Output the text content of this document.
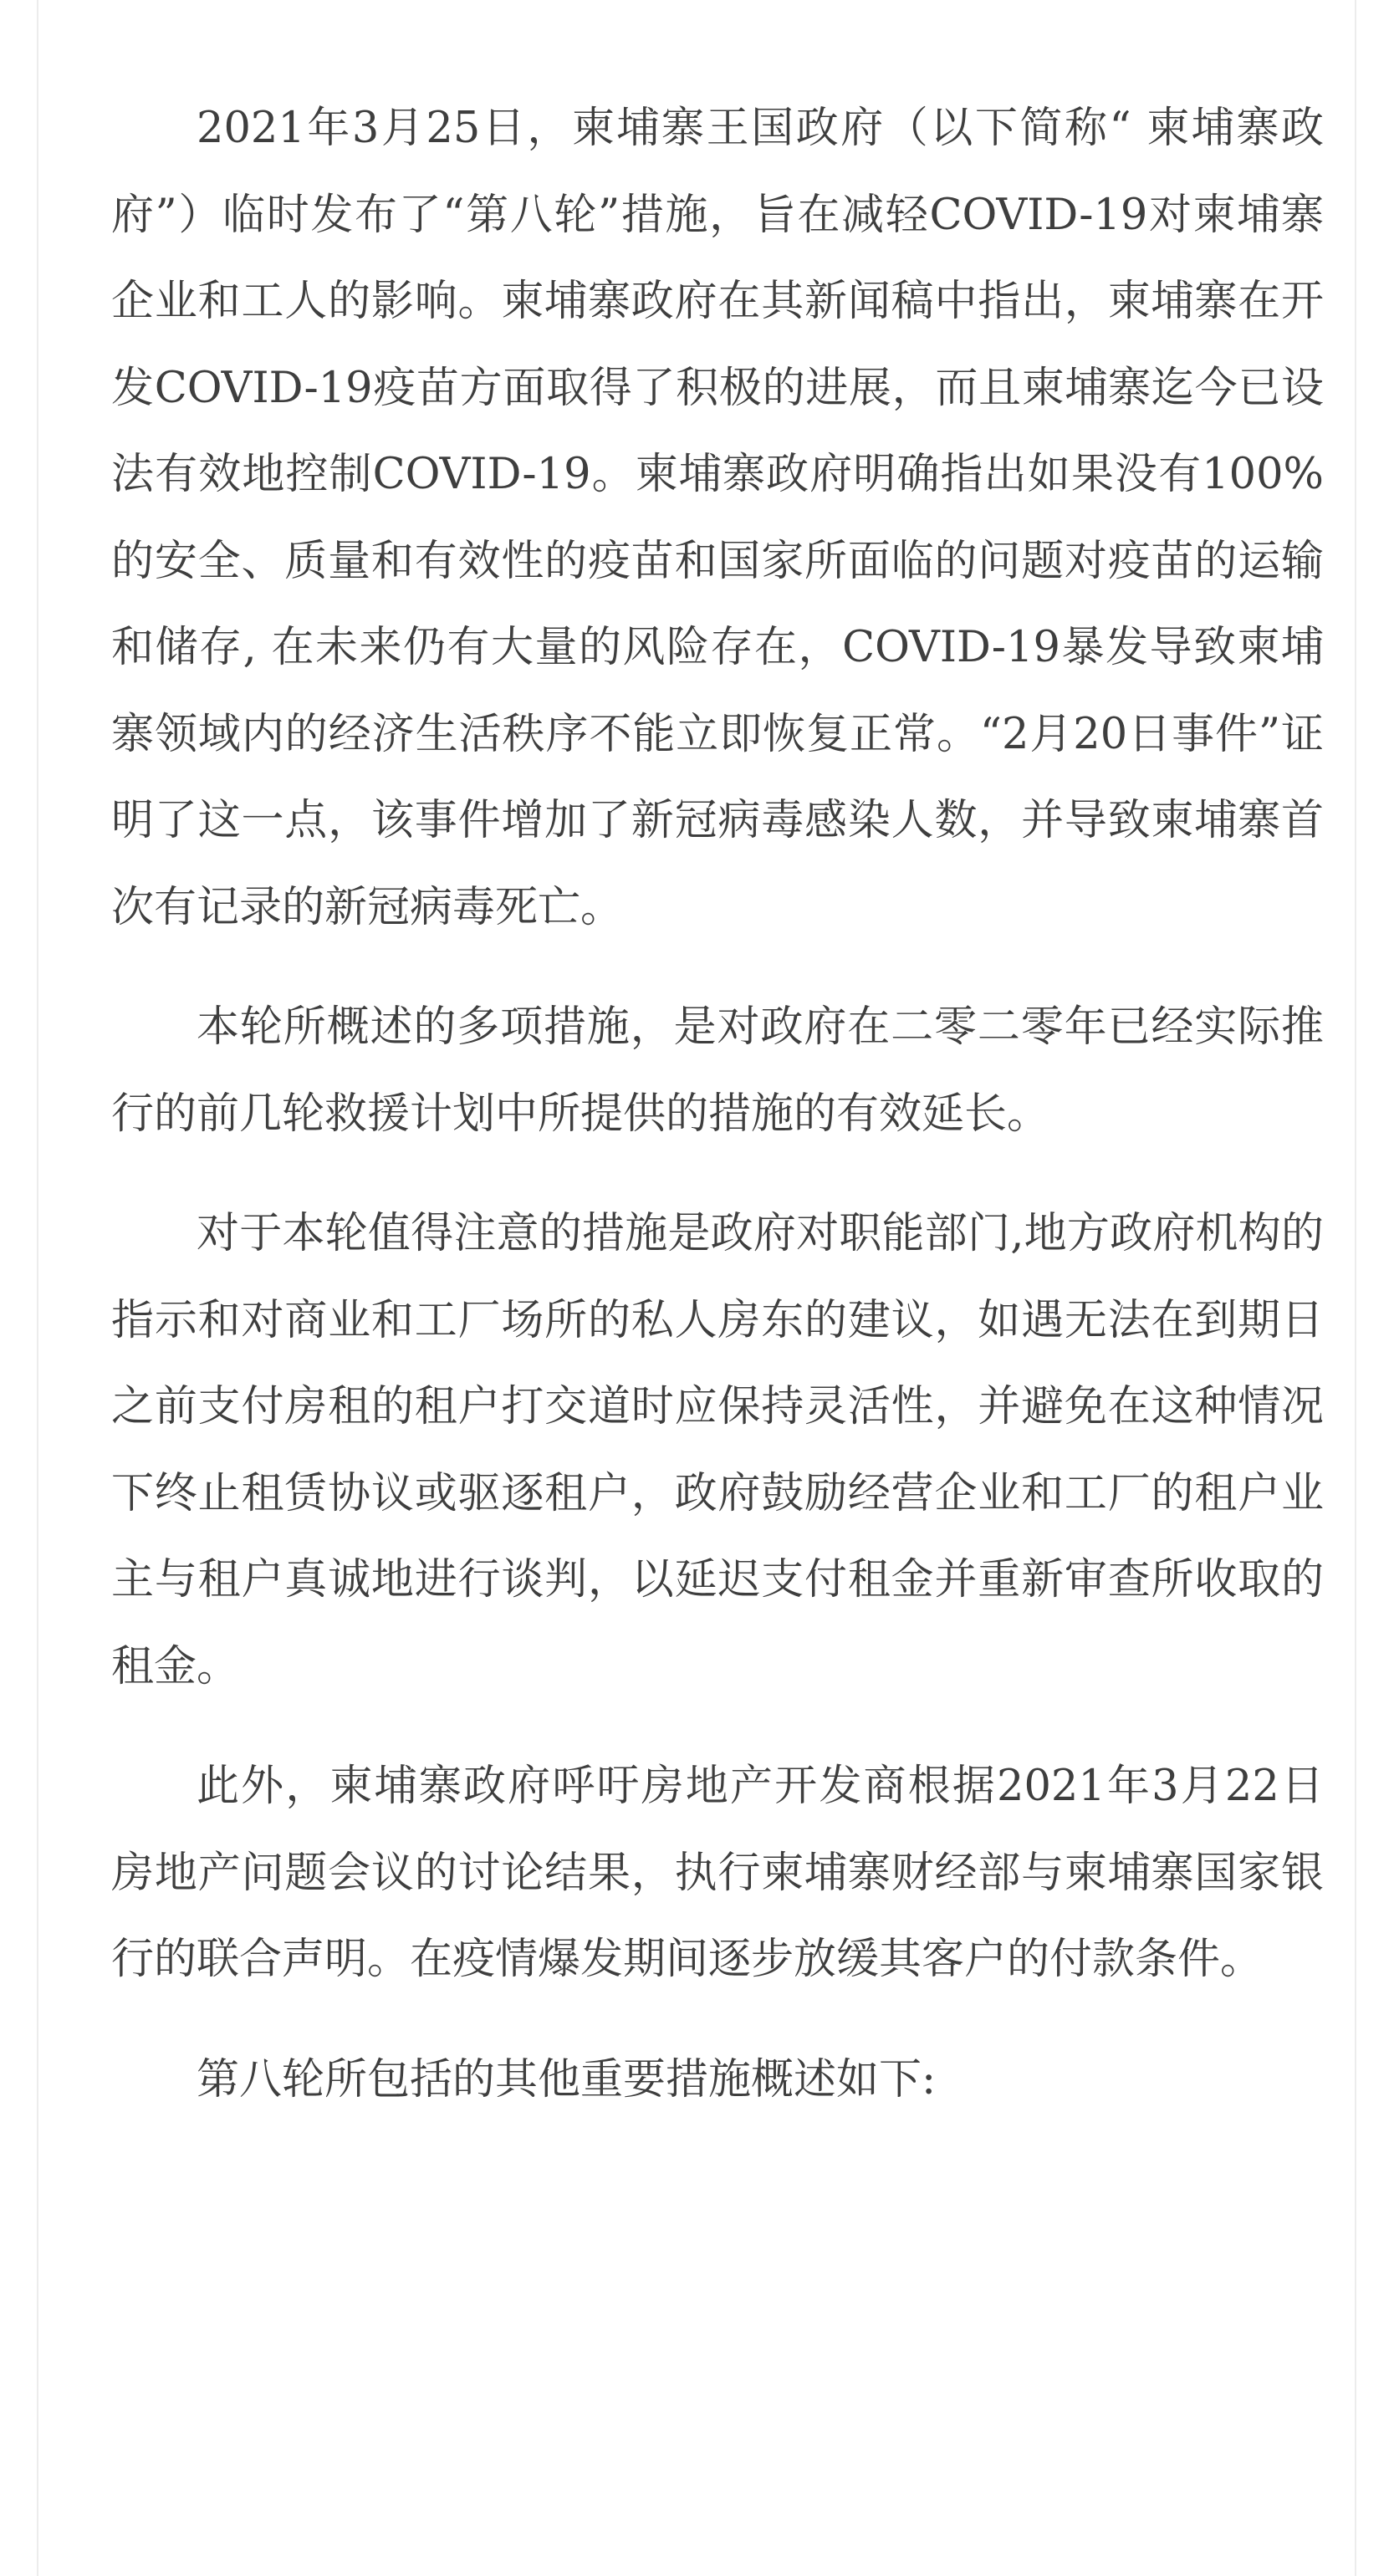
2021年3月25日，柬埔寨王国政府（以下简称“ 柬埔寨政府”）临时发布了“第八轮”措施，旨在减轻COVID-19对柬埔寨企业和工人的影响。柬埔寨政府在其新闻稿中指出，柬埔寨在开发COVID-19疫苗方面取得了积极的进展，而且柬埔寨迄今已设法有效地控制COVID-19。柬埔寨政府明确指出如果没有100%的安全、质量和有效性的疫苗和国家所面临的问题对疫苗的运输和储存, 在未来仍有大量的风险存在，COVID-19暴发导致柬埔寨领域内的经济生活秩序不能立即恢复正常。“2月20日事件”证明了这一点，该事件增加了新冠病毒感染人数，并导致柬埔寨首次有记录的新冠病毒死亡。

本轮所概述的多项措施，是对政府在二零二零年已经实际推行的前几轮救援计划中所提供的措施的有效延长。

对于本轮值得注意的措施是政府对职能部门,地方政府机构的指示和对商业和工厂场所的私人房东的建议，如遇无法在到期日之前支付房租的租户打交道时应保持灵活性，并避免在这种情况下终止租赁协议或驱逐租户，政府鼓励经营企业和工厂的租户业主与租户真诚地进行谈判，以延迟支付租金并重新审查所收取的租金。

此外，柬埔寨政府呼吁房地产开发商根据2021年3月22日房地产问题会议的讨论结果，执行柬埔寨财经部与柬埔寨国家银行的联合声明。在疫情爆发期间逐步放缓其客户的付款条件。

第八轮所包括的其他重要措施概述如下:
